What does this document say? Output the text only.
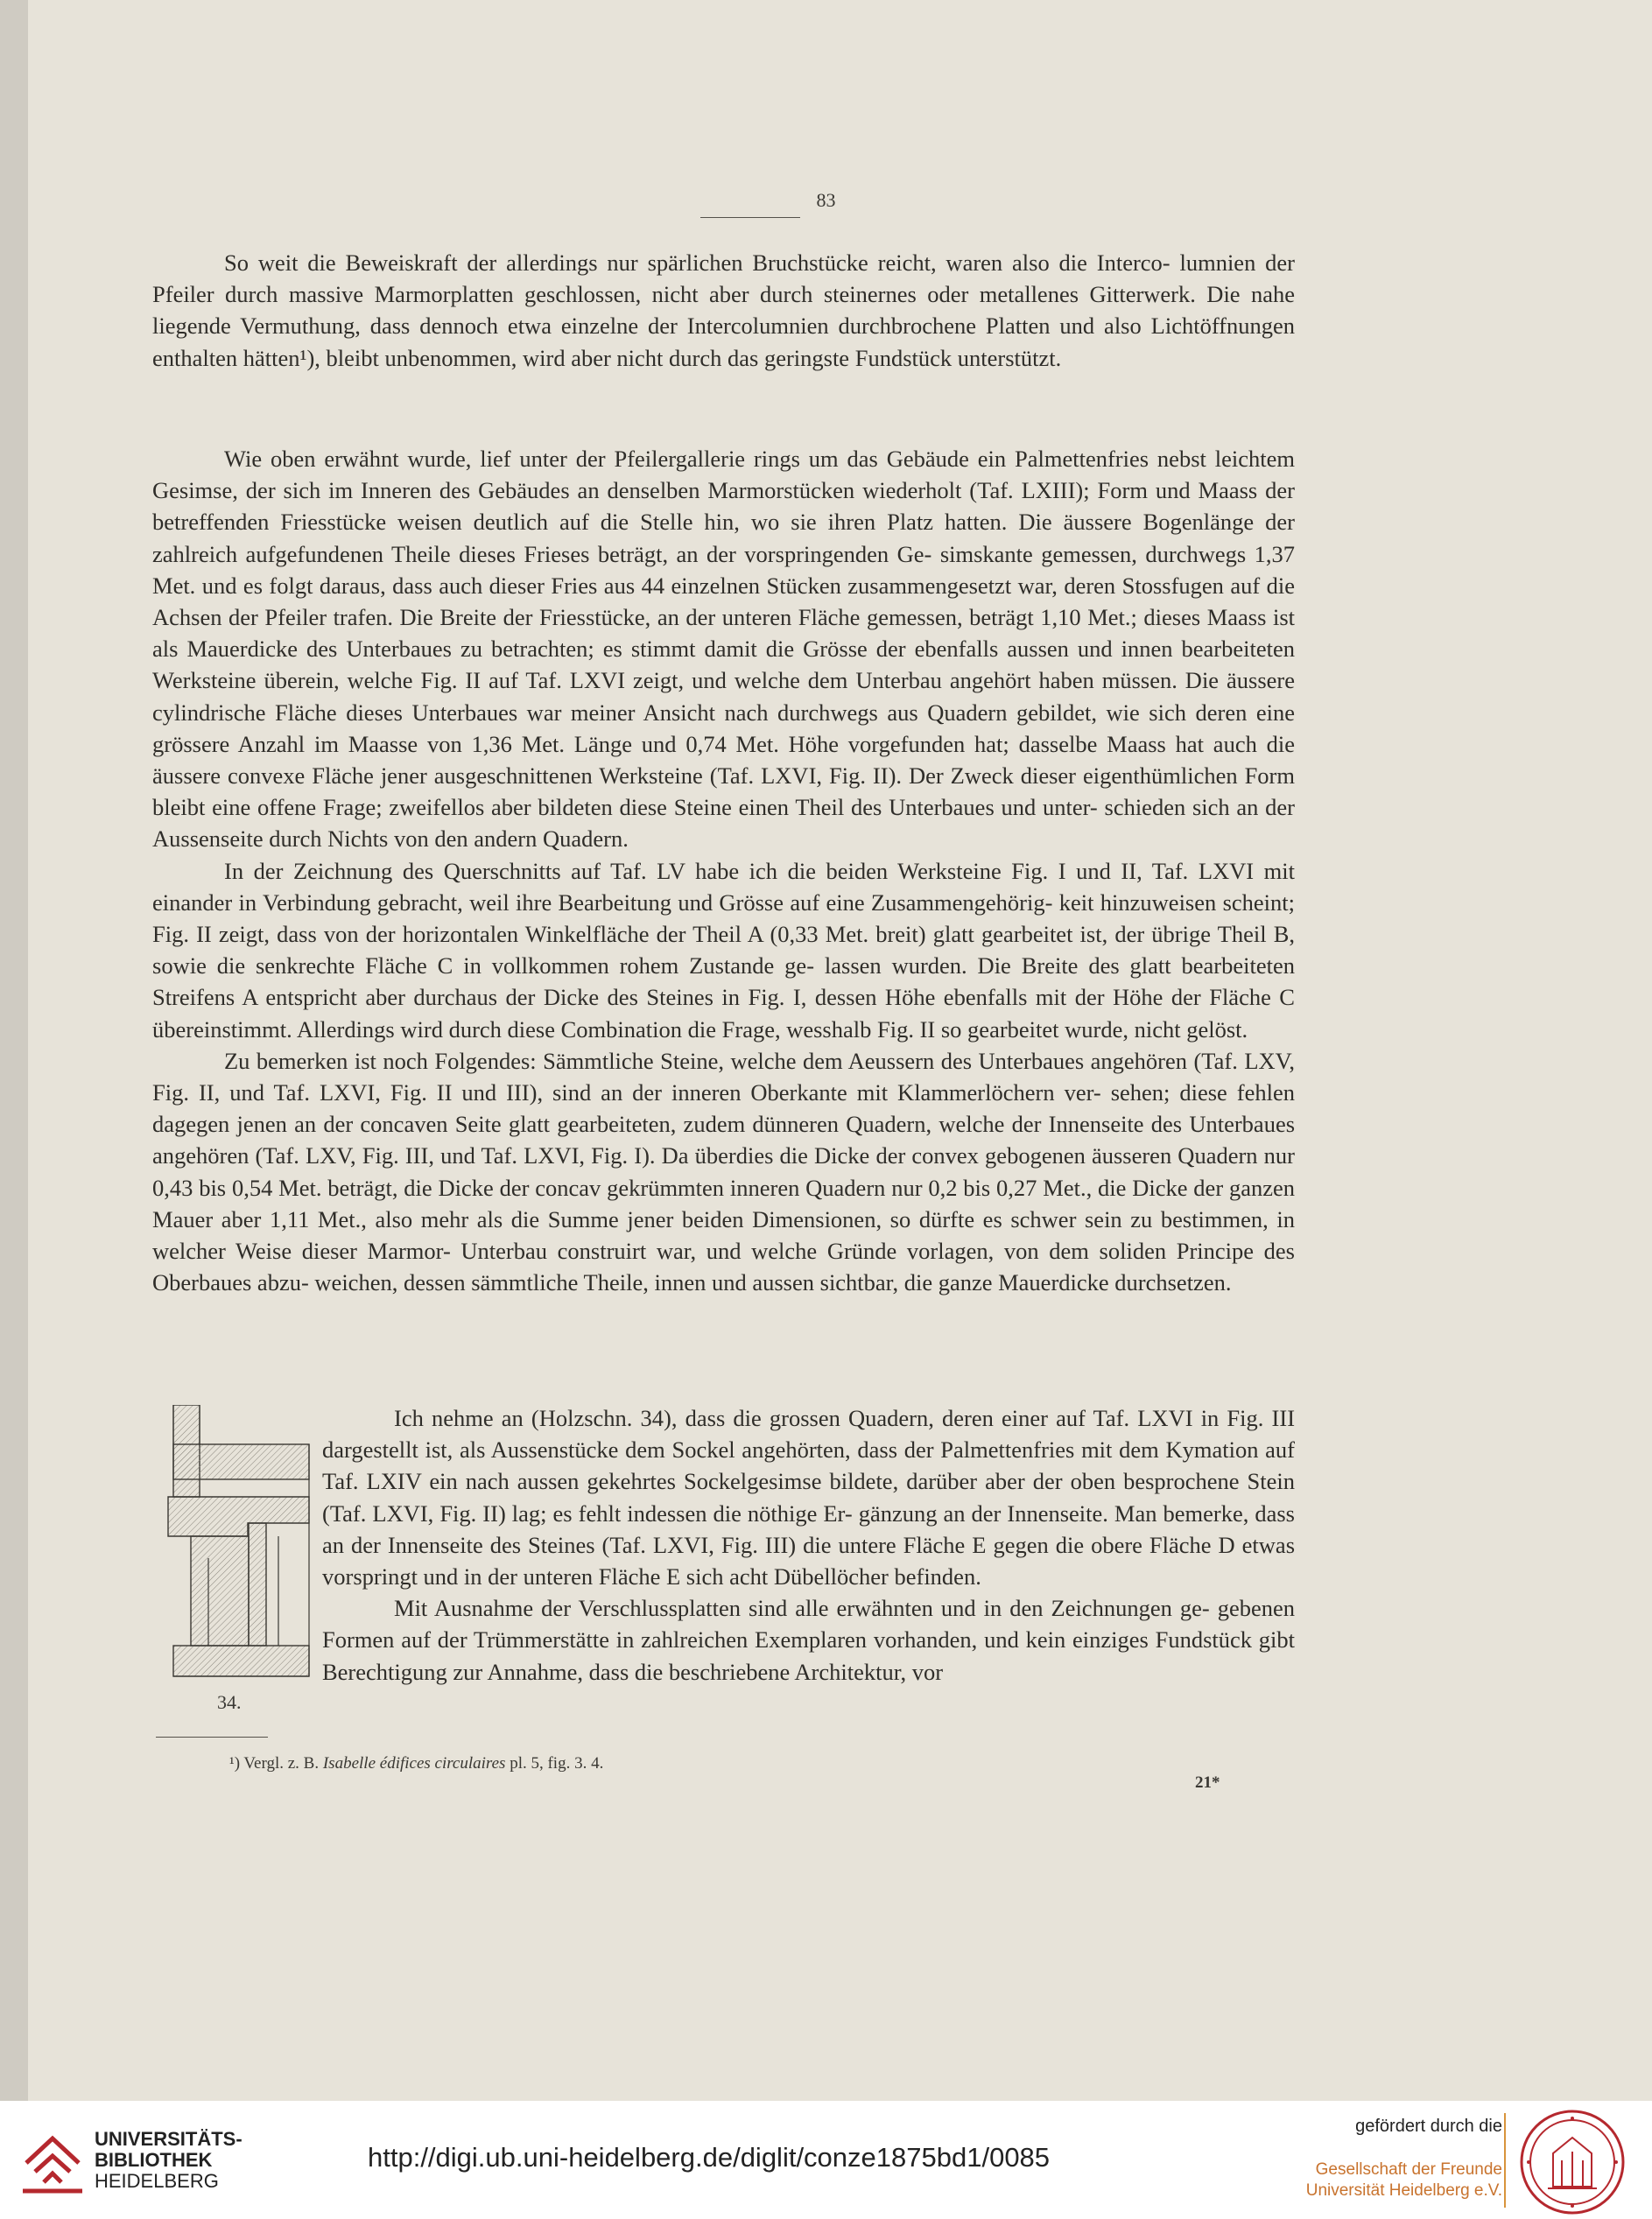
83

So weit die Beweiskraft der allerdings nur spärlichen Bruchstücke reicht, waren also die Interco- lumnien der Pfeiler durch massive Marmorplatten geschlossen, nicht aber durch steinernes oder metallenes Gitterwerk. Die nahe liegende Vermuthung, dass dennoch etwa einzelne der Intercolumnien durchbrochene Platten und also Lichtöffnungen enthalten hätten¹), bleibt unbenommen, wird aber nicht durch das geringste Fundstück unterstützt.

Wie oben erwähnt wurde, lief unter der Pfeilergallerie rings um das Gebäude ein Palmettenfries nebst leichtem Gesimse, der sich im Inneren des Gebäudes an denselben Marmorstücken wiederholt (Taf. LXIII); Form und Maass der betreffenden Friesstücke weisen deutlich auf die Stelle hin, wo sie ihren Platz hatten. Die äussere Bogenlänge der zahlreich aufgefundenen Theile dieses Frieses beträgt, an der vorspringenden Ge- simskante gemessen, durchwegs 1,37 Met. und es folgt daraus, dass auch dieser Fries aus 44 einzelnen Stücken zusammengesetzt war, deren Stossfugen auf die Achsen der Pfeiler trafen. Die Breite der Friesstücke, an der unteren Fläche gemessen, beträgt 1,10 Met.; dieses Maass ist als Mauerdicke des Unterbaues zu betrachten; es stimmt damit die Grösse der ebenfalls aussen und innen bearbeiteten Werksteine überein, welche Fig. II auf Taf. LXVI zeigt, und welche dem Unterbau angehört haben müssen. Die äussere cylindrische Fläche dieses Unterbaues war meiner Ansicht nach durchwegs aus Quadern gebildet, wie sich deren eine grössere Anzahl im Maasse von 1,36 Met. Länge und 0,74 Met. Höhe vorgefunden hat; dasselbe Maass hat auch die äussere convexe Fläche jener ausgeschnittenen Werksteine (Taf. LXVI, Fig. II). Der Zweck dieser eigenthümlichen Form bleibt eine offene Frage; zweifellos aber bildeten diese Steine einen Theil des Unterbaues und unter- schieden sich an der Aussenseite durch Nichts von den andern Quadern.

In der Zeichnung des Querschnitts auf Taf. LV habe ich die beiden Werksteine Fig. I und II, Taf. LXVI mit einander in Verbindung gebracht, weil ihre Bearbeitung und Grösse auf eine Zusammengehörig- keit hinzuweisen scheint; Fig. II zeigt, dass von der horizontalen Winkelfläche der Theil A (0,33 Met. breit) glatt gearbeitet ist, der übrige Theil B, sowie die senkrechte Fläche C in vollkommen rohem Zustande ge- lassen wurden. Die Breite des glatt bearbeiteten Streifens A entspricht aber durchaus der Dicke des Steines in Fig. I, dessen Höhe ebenfalls mit der Höhe der Fläche C übereinstimmt. Allerdings wird durch diese Combination die Frage, wesshalb Fig. II so gearbeitet wurde, nicht gelöst.

Zu bemerken ist noch Folgendes: Sämmtliche Steine, welche dem Aeussern des Unterbaues angehören (Taf. LXV, Fig. II, und Taf. LXVI, Fig. II und III), sind an der inneren Oberkante mit Klammerlöchern ver- sehen; diese fehlen dagegen jenen an der concaven Seite glatt gearbeiteten, zudem dünneren Quadern, welche der Innenseite des Unterbaues angehören (Taf. LXV, Fig. III, und Taf. LXVI, Fig. I). Da überdies die Dicke der convex gebogenen äusseren Quadern nur 0,43 bis 0,54 Met. beträgt, die Dicke der concav gekrümmten inneren Quadern nur 0,2 bis 0,27 Met., die Dicke der ganzen Mauer aber 1,11 Met., also mehr als die Summe jener beiden Dimensionen, so dürfte es schwer sein zu bestimmen, in welcher Weise dieser Marmor- Unterbau construirt war, und welche Gründe vorlagen, von dem soliden Principe des Oberbaues abzu- weichen, dessen sämmtliche Theile, innen und aussen sichtbar, die ganze Mauerdicke durchsetzen.

34.

Ich nehme an (Holzschn. 34), dass die grossen Quadern, deren einer auf Taf. LXVI in Fig. III dargestellt ist, als Aussenstücke dem Sockel angehörten, dass der Palmettenfries mit dem Kymation auf Taf. LXIV ein nach aussen gekehrtes Sockelgesimse bildete, darüber aber der oben besprochene Stein (Taf. LXVI, Fig. II) lag; es fehlt indessen die nöthige Er- gänzung an der Innenseite. Man bemerke, dass an der Innenseite des Steines (Taf. LXVI, Fig. III) die untere Fläche E gegen die obere Fläche D etwas vorspringt und in der unteren Fläche E sich acht Dübellöcher befinden.

Mit Ausnahme der Verschlussplatten sind alle erwähnten und in den Zeichnungen ge- gebenen Formen auf der Trümmerstätte in zahlreichen Exemplaren vorhanden, und kein einziges Fundstück gibt Berechtigung zur Annahme, dass die beschriebene Architektur, vor

¹) Vergl. z. B. Isabelle édifices circulaires pl. 5, fig. 3. 4.
21*
UNIVERSITÄTS-
BIBLIOTHEK
HEIDELBERG
http://digi.ub.uni-heidelberg.de/diglit/conze1875bd1/0085
gefördert durch die
Gesellschaft der Freunde
Universität Heidelberg e.V.
